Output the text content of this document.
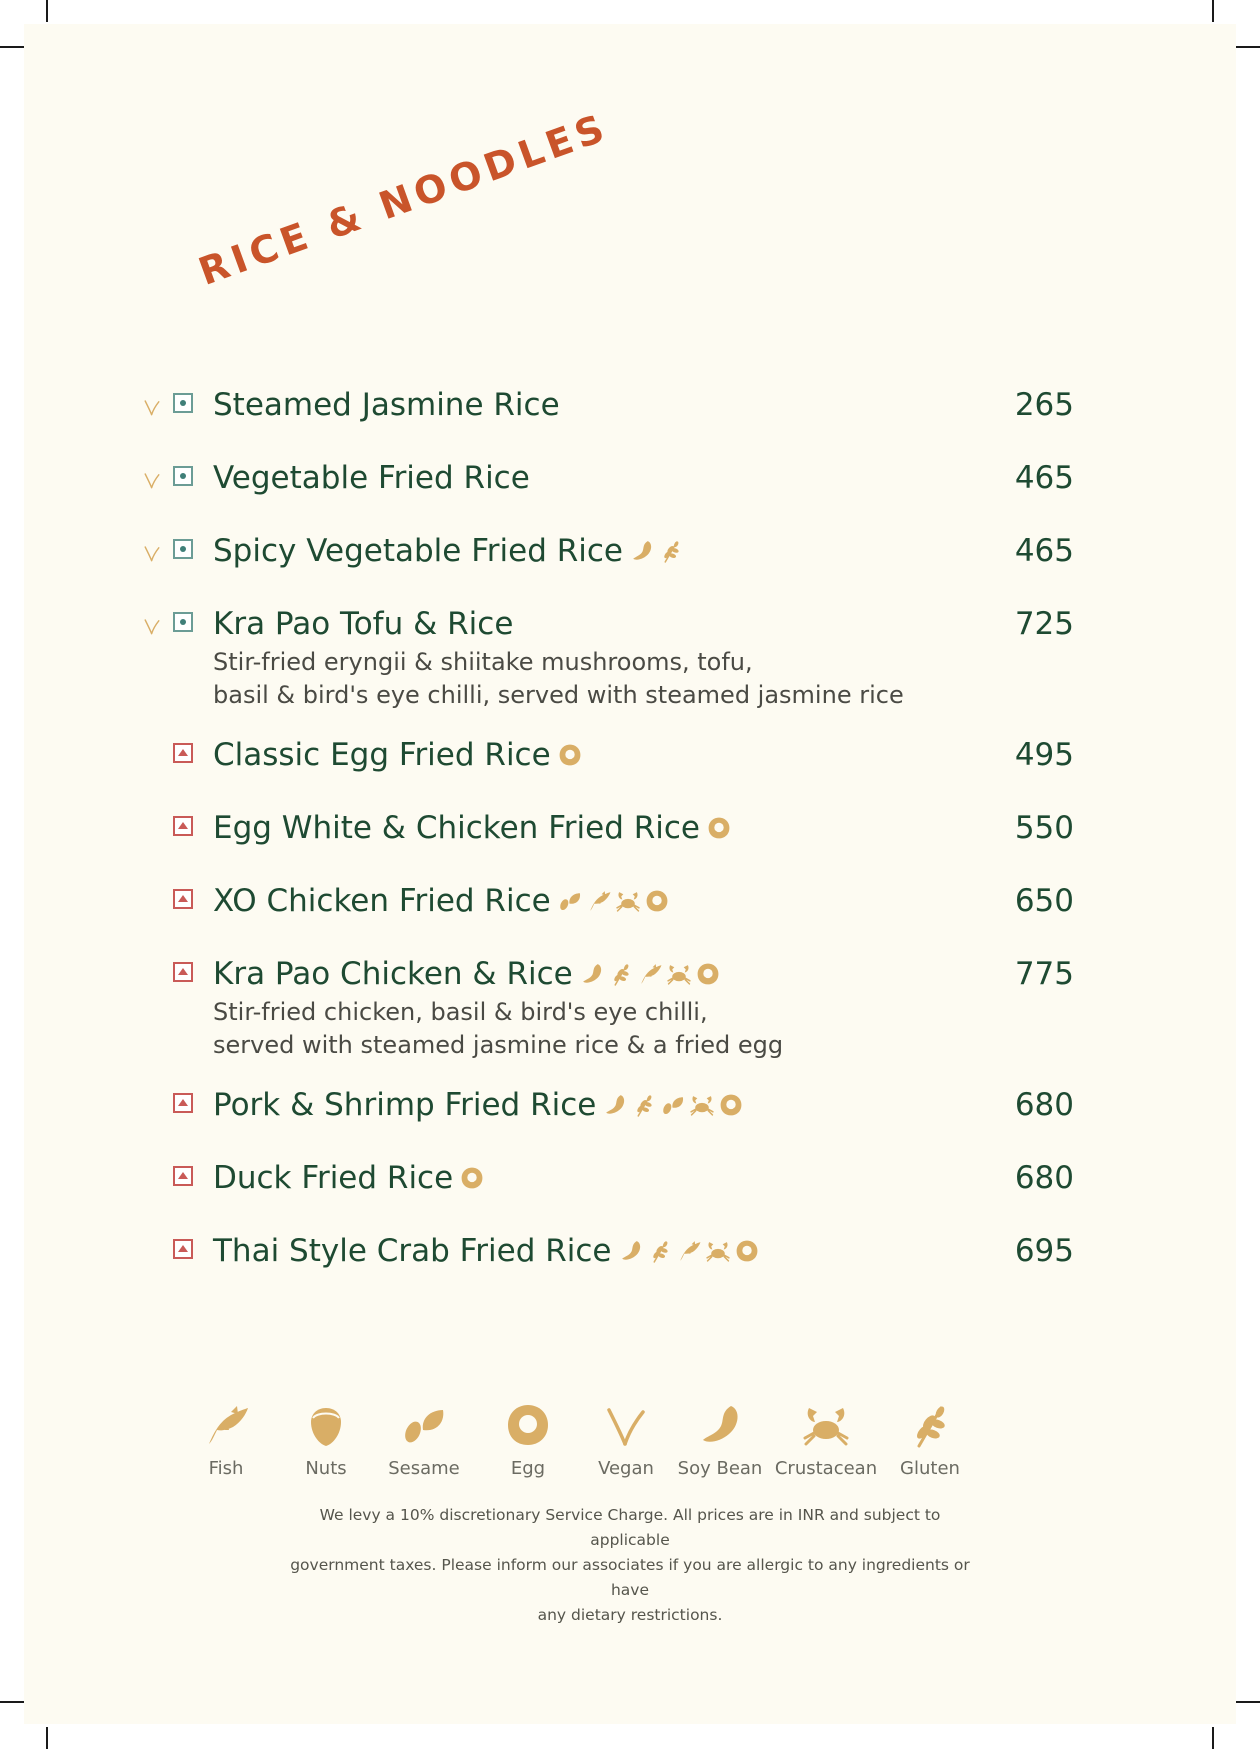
RICE & NOODLES
Steamed Jasmine Rice	265
Vegetable Fried Rice	465
Spicy Vegetable Fried Rice	465
Kra Pao Tofu & Rice	725
Stir-fried eryngii & shiitake mushrooms, tofu,
basil & bird's eye chilli, served with steamed jasmine rice
Classic Egg Fried Rice	495
Egg White & Chicken Fried Rice	550
XO Chicken Fried Rice	650
Kra Pao Chicken & Rice	775
Stir-fried chicken, basil & bird's eye chilli,
served with steamed jasmine rice & a fried egg
Pork & Shrimp Fried Rice	680
Duck Fried Rice	680
Thai Style Crab Fried Rice	695
Fish	Nuts	Sesame	Egg	Vegan	Soy Bean Crustacean	Gluten
We levy a 10% discretionary Service Charge. All prices are in INR and subject to applicable
government taxes. Please inform our associates if you are allergic to any ingredients or have
any dietary restrictions.
